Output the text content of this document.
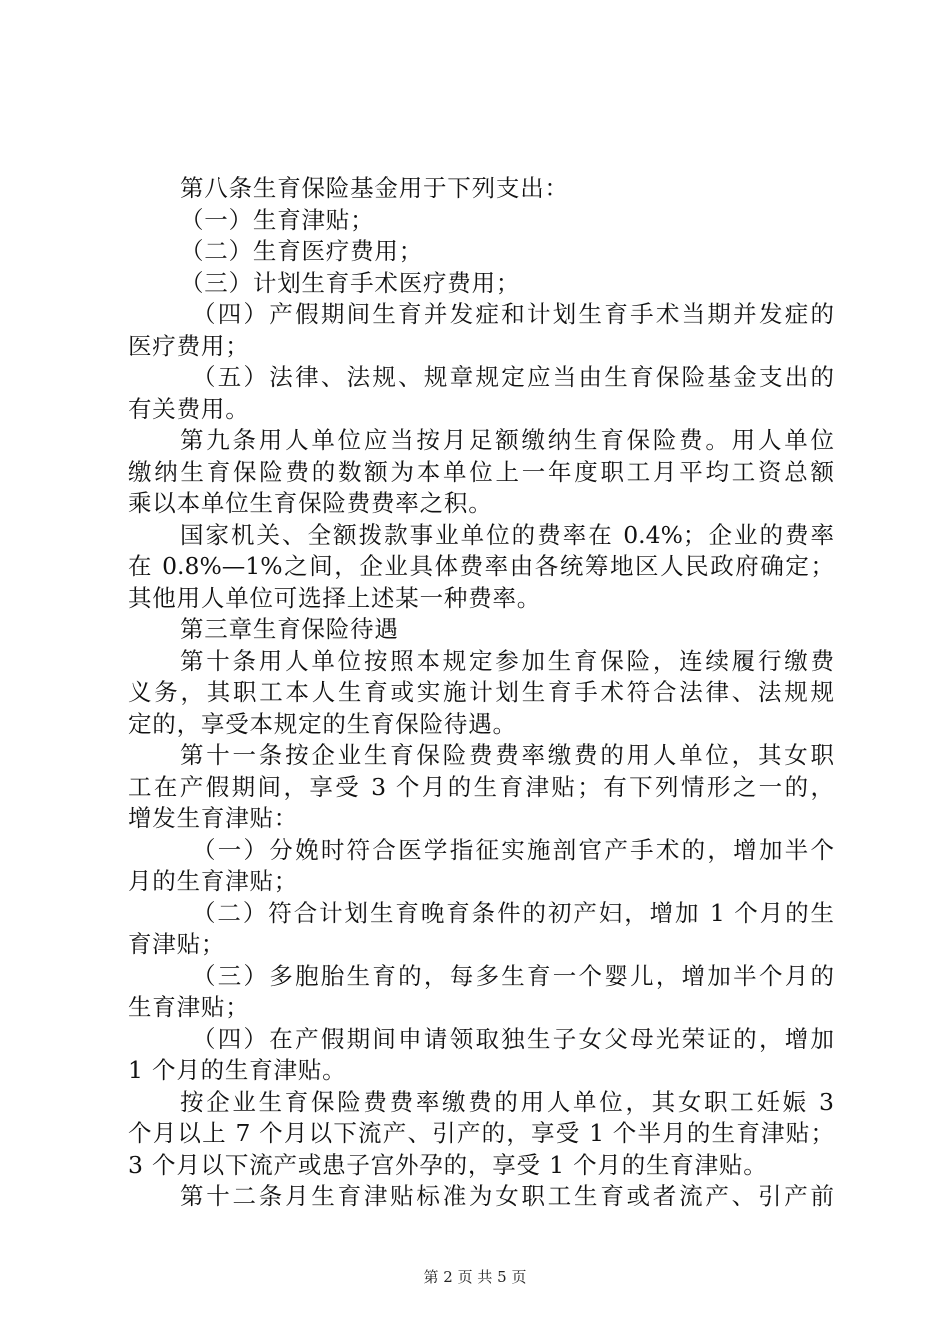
第八条生育保险基金用于下列支出：
（一）生育津贴；
（二）生育医疗费用；
（三）计划生育手术医疗费用；
（四）产假期间生育并发症和计划生育手术当期并发症的
医疗费用；
（五）法律、法规、规章规定应当由生育保险基金支出的
有关费用。
第九条用人单位应当按月足额缴纳生育保险费。用人单位
缴纳生育保险费的数额为本单位上一年度职工月平均工资总额
乘以本单位生育保险费费率之积。
国家机关、全额拨款事业单位的费率在 0.4%；企业的费率
在 0.8%—1%之间，企业具体费率由各统筹地区人民政府确定；
其他用人单位可选择上述某一种费率。
第三章生育保险待遇
第十条用人单位按照本规定参加生育保险，连续履行缴费
义务，其职工本人生育或实施计划生育手术符合法律、法规规
定的，享受本规定的生育保险待遇。
第十一条按企业生育保险费费率缴费的用人单位，其女职
工在产假期间，享受 3 个月的生育津贴；有下列情形之一的，
增发生育津贴：
（一）分娩时符合医学指征实施剖官产手术的，增加半个
月的生育津贴；
（二）符合计划生育晚育条件的初产妇，增加 1 个月的生
育津贴；
（三）多胞胎生育的，每多生育一个婴儿，增加半个月的
生育津贴；
（四）在产假期间申请领取独生子女父母光荣证的，增加
1 个月的生育津贴。
按企业生育保险费费率缴费的用人单位，其女职工妊娠 3
个月以上 7 个月以下流产、引产的，享受 1 个半月的生育津贴；
3 个月以下流产或患子宫外孕的，享受 1 个月的生育津贴。
第十二条月生育津贴标准为女职工生育或者流产、引产前
第 2 页 共 5 页
